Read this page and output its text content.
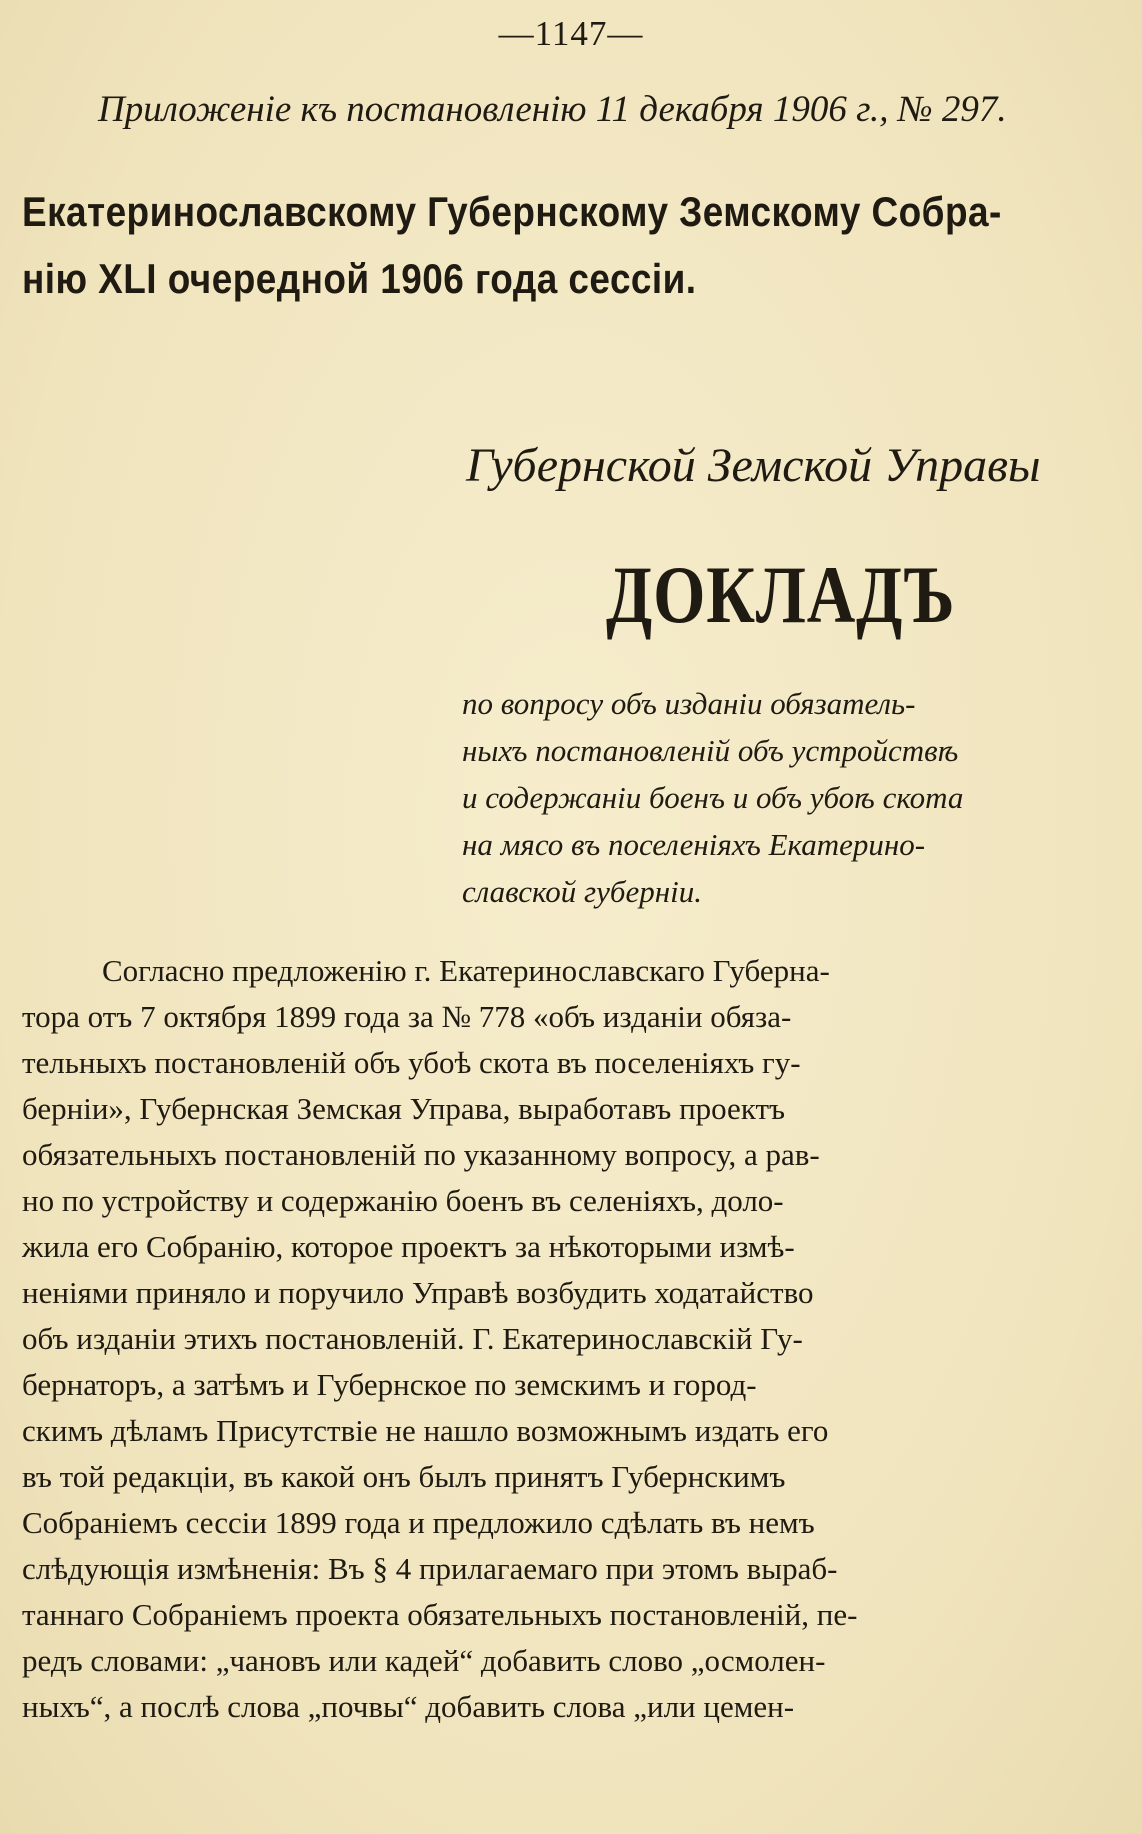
—1147—
Приложеніе къ постановленію 11 декабря 1906 г., № 297.
Екатеринославскому Губернскому Земскому Собра-
нію XLI очередной 1906 года сессіи.
Губернской Земской Управы
ДОКЛАДЪ
по вопросу объ изданіи обязатель-
ныхъ постановленій объ устройствѣ
и содержаніи боенъ и объ убоѣ скота
на мясо въ поселеніяхъ Екатерино-
славской губерніи.
Согласно предложенію г. Екатеринославскаго Губерна-
тора отъ 7 октября 1899 года за № 778 «объ изданіи обяза-
тельныхъ постановленій объ убоѣ скота въ поселеніяхъ гу-
берніи», Губернская Земская Управа, выработавъ проектъ
обязательныхъ постановленій по указанному вопросу, а рав-
но по устройству и содержанію боенъ въ селеніяхъ, доло-
жила его Собранію, которое проектъ за нѣкоторыми измѣ-
неніями приняло и поручило Управѣ возбудить ходатайство
объ изданіи этихъ постановленій. Г. Екатеринославскій Гу-
бернаторъ, а затѣмъ и Губернское по земскимъ и город-
скимъ дѣламъ Присутствіе не нашло возможнымъ издать его
въ той редакціи, въ какой онъ былъ принятъ Губернскимъ
Собраніемъ сессіи 1899 года и предложило сдѣлать въ немъ
слѣдующія измѣненія: Въ § 4 прилагаемаго при этомъ выраб-
таннаго Собраніемъ проекта обязательныхъ постановленій, пе-
редъ словами: „чановъ или кадей“ добавить слово „осмолен-
ныхъ“, а послѣ слова „почвы“ добавить слова „или цемен-
